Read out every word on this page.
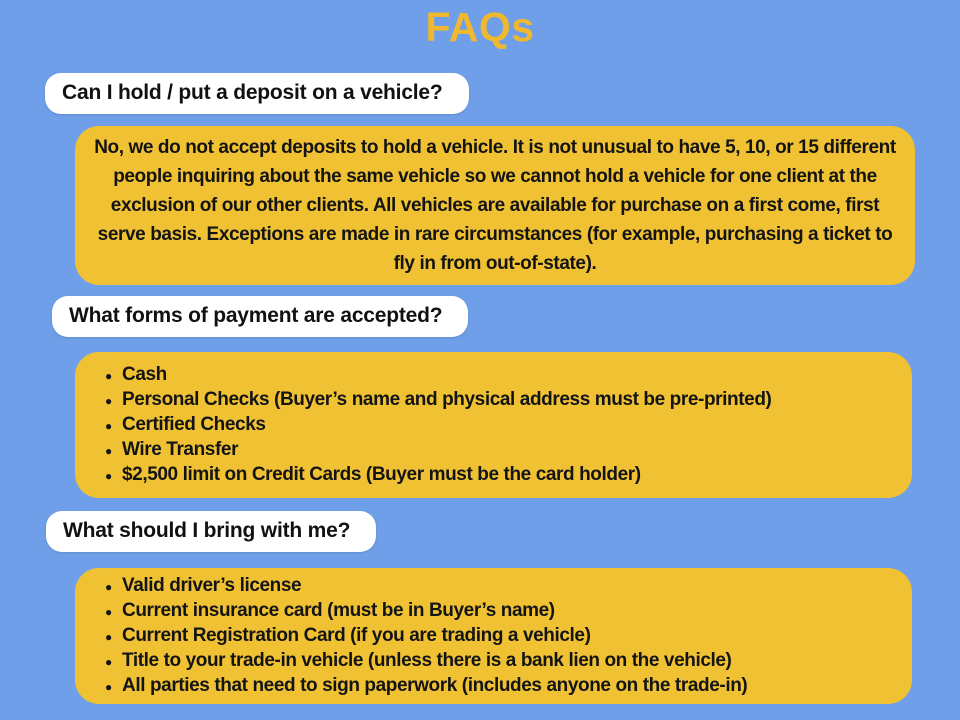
FAQs
Can I hold / put a deposit on a vehicle?

No, we do not accept deposits to hold a vehicle. It is not unusual to have 5, 10, or 15 different people inquiring about the same vehicle so we cannot hold a vehicle for one client at the exclusion of our other clients. All vehicles are available for purchase on a first come, first serve basis. Exceptions are made in rare circumstances (for example, purchasing a ticket to fly in from out-of-state).

What forms of payment are accepted?
● Cash
● Personal Checks (Buyer’s name and physical address must be pre-printed)
● Certified Checks
● Wire Transfer
● $2,500 limit on Credit Cards (Buyer must be the card holder)
What should I bring with me?
● Valid driver’s license
● Current insurance card (must be in Buyer’s name)
● Current Registration Card (if you are trading a vehicle)
● Title to your trade-in vehicle (unless there is a bank lien on the vehicle)
● All parties that need to sign paperwork (includes anyone on the trade-in)
